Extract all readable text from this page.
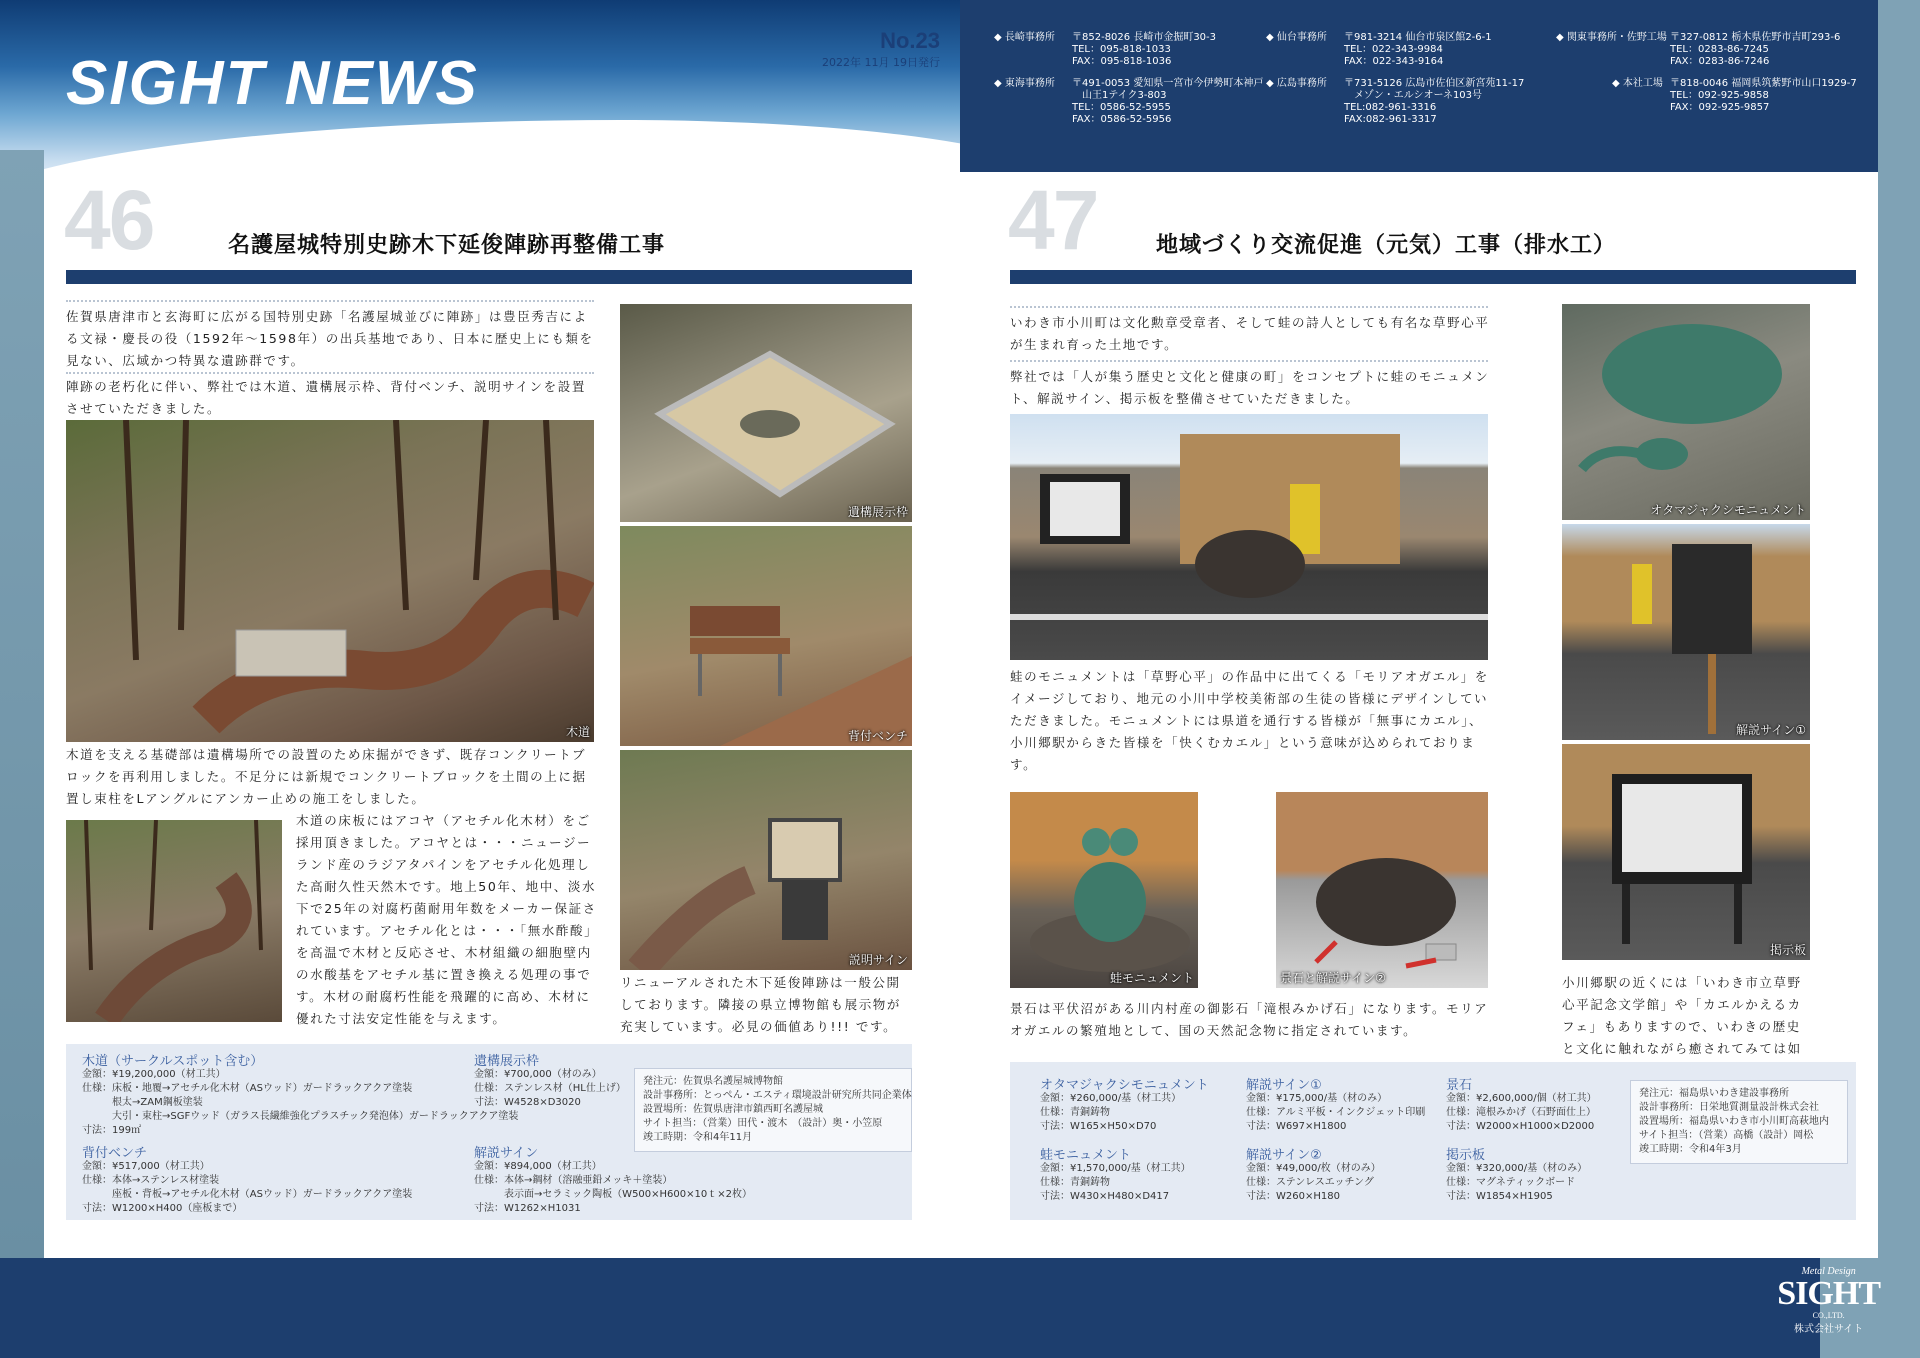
SIGHT NEWS
No.23
2022年 11月 19日発行
46	名護屋城特別史跡木下延俊陣跡再整備工事
佐賀県唐津市と玄海町に広がる国特別史跡「名護屋城並びに陣跡」は豊臣秀吉による文禄・慶長の役（1592年〜1598年）の出兵基地であり、日本に歴史上にも類を見ない、広域かつ特異な遺跡群です。
陣跡の老朽化に伴い、弊社では木道、遺構展示枠、背付ベンチ、説明サインを設置させていただきました。
木道
木道を支える基礎部は遺構場所での設置のため床掘ができず、既存コンクリートブロックを再利用しました。不足分には新規でコンクリートブロックを土間の上に据置し束柱をLアングルにアンカー止めの施工をしました。
木道の床板にはアコヤ（アセチル化木材）をご採用頂きました。アコヤとは・・・ニュージーランド産のラジアタパインをアセチル化処理した高耐久性天然木です。地上50年、地中、淡水下で25年の対腐朽菌耐用年数をメーカー保証されています。アセチル化とは・・・「無水酢酸」を高温で木材と反応させ、木材組織の細胞壁内の水酸基をアセチル基に置き換える処理の事です。木材の耐腐朽性能を飛躍的に高め、木材に優れた寸法安定性能を与えます。
遺構展示枠
背付ベンチ
説明サイン
リニューアルされた木下延俊陣跡は一般公開しております。隣接の県立博物館も展示物が充実しています。必見の価値あり!!! です。
木道（サークルスポット含む）
金額：¥19,200,000（材工共）
仕様：床板・地覆→アセチル化木材（ASウッド）ガードラックアクア塗装
　　　根太→ZAM鋼板塗装
　　　大引・束柱→SGFウッド（ガラス長繊維強化プラスチック発泡体）ガードラックアクア塗装
寸法：199㎡
背付ベンチ
金額：¥517,000（材工共）
仕様：本体→ステンレス材塗装
　　　座板・背板→アセチル化木材（ASウッド）ガードラックアクア塗装
寸法：W1200×H400（座板まで）
遺構展示枠
金額：¥700,000（材のみ）
仕様：ステンレス材（HL仕上げ）
寸法：W4528×D3020
解説サイン
金額：¥894,000（材工共）
仕様：本体→鋼材（溶融亜鉛メッキ＋塗装）
　　　表示面→セラミック陶板（W500×H600×10ｔ×2枚）
寸法：W1262×H1031
発注元：佐賀県名護屋城博物館
設計事務所：とっぺん・エスティ環境設計研究所共同企業体
設置場所：佐賀県唐津市鎮西町名護屋城
サイト担当：（営業）田代・渡木　（設計）奥・小笠原
竣工時期：令和4年11月
◆ 長崎事務所 〒852-8026 長崎市金掘町30-3
TEL：095-818-1033
FAX：095-818-1036
◆ 仙台事務所 〒981-3214 仙台市泉区館2-6-1
TEL：022-343-9984
FAX：022-343-9164
◆ 関東事務所・佐野工場 〒327-0812 栃木県佐野市吉町293-6
TEL：0283-86-7245
FAX：0283-86-7246
◆ 東海事務所 〒491-0053 愛知県一宮市今伊勢町本神戸
　山王1テイク3-803
TEL：0586-52-5955
FAX：0586-52-5956
◆ 広島事務所 〒731-5126 広島市佐伯区新宮苑11-17
　メゾン・エルシオーネ103号
TEL:082-961-3316
FAX:082-961-3317
◆ 本社工場 〒818-0046 福岡県筑紫野市山口1929-7
TEL：092-925-9858
FAX：092-925-9857
47	地域づくり交流促進（元気）工事（排水工）
いわき市小川町は文化勲章受章者、そして蛙の詩人としても有名な草野心平が生まれ育った土地です。
弊社では「人が集う歴史と文化と健康の町」をコンセプトに蛙のモニュメント、解説サイン、掲示板を整備させていただきました。
蛙のモニュメントは「草野心平」の作品中に出てくる「モリアオガエル」をイメージしており、地元の小川中学校美術部の生徒の皆様にデザインしていただきました。モニュメントには県道を通行する皆様が「無事にカエル」、小川郷駅からきた皆様を「快くむカエル」という意味が込められております。
蛙モニュメント	景石と解説サイン②
景石は平伏沼がある川内村産の御影石「滝根みかげ石」になります。モリアオガエルの繁殖地として、国の天然記念物に指定されています。
オタマジャクシモニュメント
解説サイン①
掲示板
小川郷駅の近くには「いわき市立草野心平記念文学館」や「カエルかえるカフェ」もありますので、いわきの歴史と文化に触れながら癒されてみては如
オタマジャクシモニュメント
金額：¥260,000/基（材工共）
仕様：青銅鋳物
寸法：W165×H50×D70
蛙モニュメント
金額：¥1,570,000/基（材工共）
仕様：青銅鋳物
寸法：W430×H480×D417
解説サイン①
金額：¥175,000/基（材のみ）
仕様：アルミ平板・インクジェット印刷
寸法：W697×H1800
解説サイン②
金額：¥49,000/枚（材のみ）
仕様：ステンレスエッチング
寸法：W260×H180
景石
金額：¥2,600,000/個（材工共）
仕様：滝根みかげ（石野面仕上）
寸法：W2000×H1000×D2000
掲示板
金額：¥320,000/基（材のみ）
仕様：マグネティックボード
寸法：W1854×H1905
発注元：福島県いわき建設事務所
設計事務所：日栄地質測量設計株式会社
設置場所：福島県いわき市小川町高萩地内
サイト担当：（営業）高橋（設計）岡松
竣工時期：令和4年3月
Metal Design
SIGHT
CO.,LTD.
株式会社サイト
